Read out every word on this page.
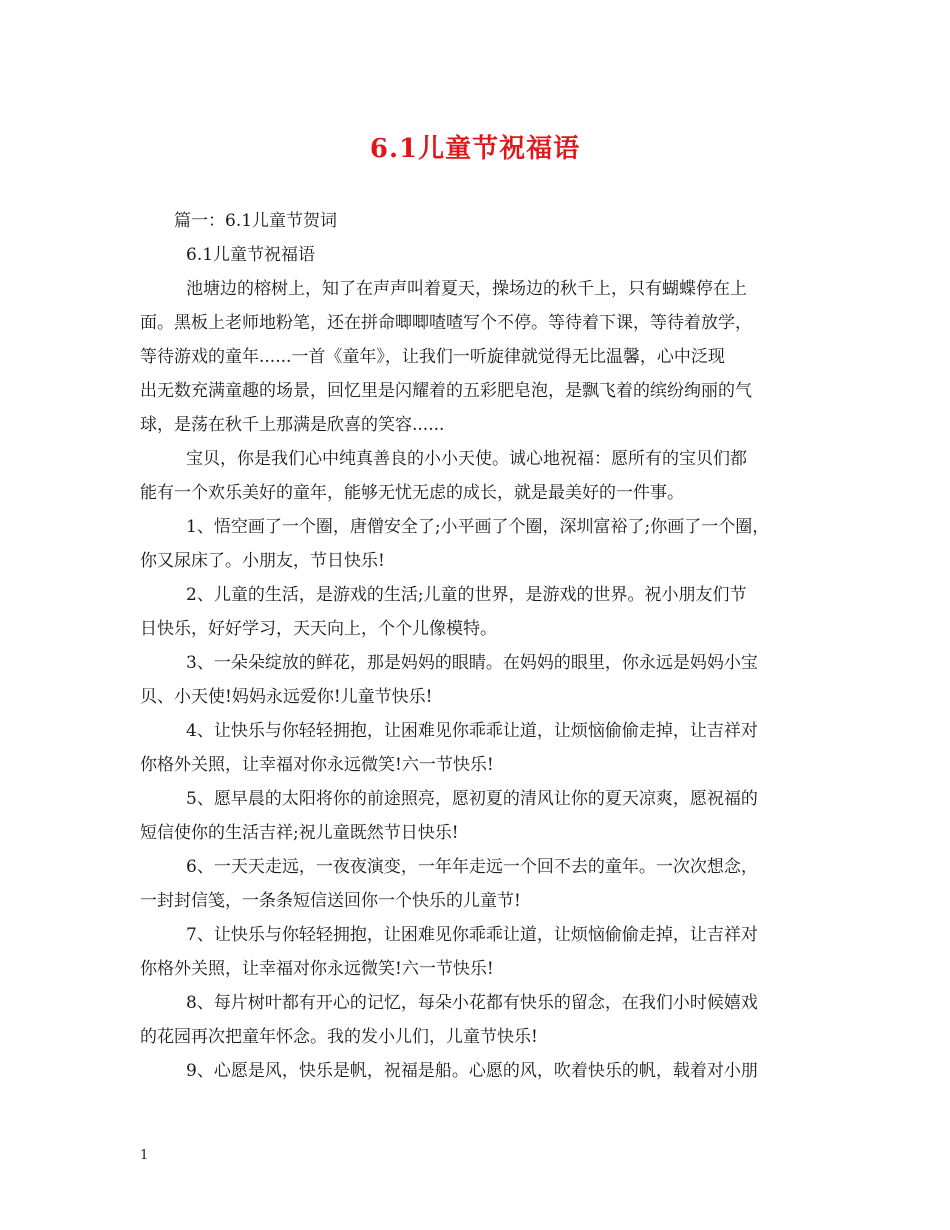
6.1儿童节祝福语
篇一：6.1儿童节贺词
6.1儿童节祝福语
池塘边的榕树上，知了在声声叫着夏天，操场边的秋千上，只有蝴蝶停在上
面。黑板上老师地粉笔，还在拼命唧唧喳喳写个不停。等待着下课，等待着放学，
等待游戏的童年......一首《童年》，让我们一听旋律就觉得无比温馨，心中泛现
出无数充满童趣的场景，回忆里是闪耀着的五彩肥皂泡，是飘飞着的缤纷绚丽的气
球，是荡在秋千上那满是欣喜的笑容......
宝贝，你是我们心中纯真善良的小小天使。诚心地祝福：愿所有的宝贝们都
能有一个欢乐美好的童年，能够无忧无虑的成长，就是最美好的一件事。
1、悟空画了一个圈，唐僧安全了;小平画了个圈，深圳富裕了;你画了一个圈，
你又尿床了。小朋友，节日快乐!
2、儿童的生活，是游戏的生活;儿童的世界，是游戏的世界。祝小朋友们节
日快乐，好好学习，天天向上，个个儿像模特。
3、一朵朵绽放的鲜花，那是妈妈的眼睛。在妈妈的眼里，你永远是妈妈小宝
贝、小天使!妈妈永远爱你!儿童节快乐!
4、让快乐与你轻轻拥抱，让困难见你乖乖让道，让烦恼偷偷走掉，让吉祥对
你格外关照，让幸福对你永远微笑!六一节快乐!
5、愿早晨的太阳将你的前途照亮，愿初夏的清风让你的夏天凉爽，愿祝福的
短信使你的生活吉祥;祝儿童既然节日快乐!
6、一天天走远，一夜夜演变，一年年走远一个回不去的童年。一次次想念，
一封封信笺，一条条短信送回你一个快乐的儿童节!
7、让快乐与你轻轻拥抱，让困难见你乖乖让道，让烦恼偷偷走掉，让吉祥对
你格外关照，让幸福对你永远微笑!六一节快乐!
8、每片树叶都有开心的记忆，每朵小花都有快乐的留念，在我们小时候嬉戏
的花园再次把童年怀念。我的发小儿们，儿童节快乐!
9、心愿是风，快乐是帆，祝福是船。心愿的风，吹着快乐的帆，载着对小朋
1
